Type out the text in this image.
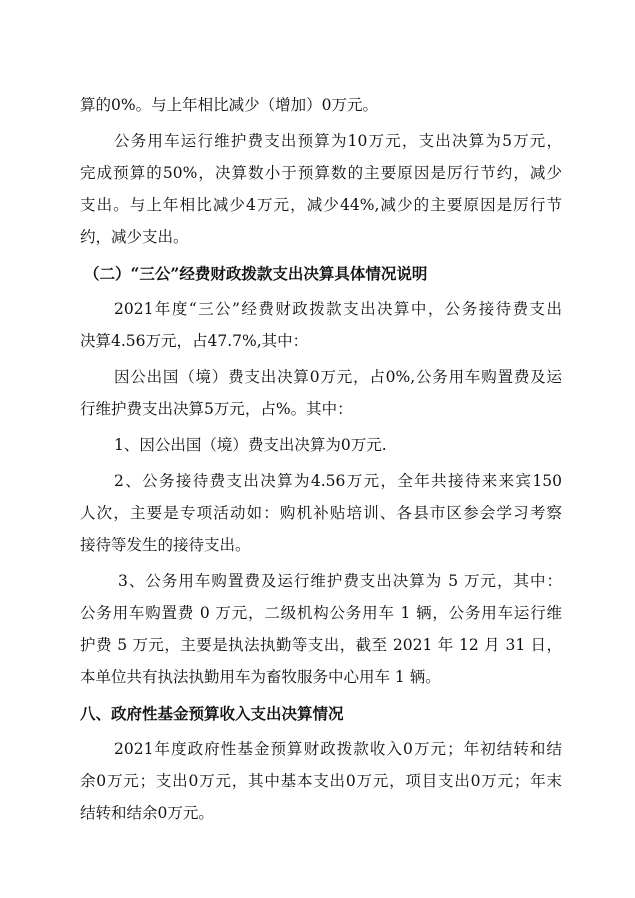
算的0%。与上年相比减少（增加）0万元。
公务用车运行维护费支出预算为10万元，支出决算为5万元，
完成预算的50%，决算数小于预算数的主要原因是厉行节约，减少
支出。与上年相比减少4万元，减少44%,减少的主要原因是厉行节
约，减少支出。
（二）“三公”经费财政拨款支出决算具体情况说明
2021年度“三公”经费财政拨款支出决算中，公务接待费支出
决算4.56万元，占47.7%,其中：
因公出国（境）费支出决算0万元，占0%,公务用车购置费及运
行维护费支出决算5万元，占%。其中：
1、因公出国（境）费支出决算为0万元.
2、公务接待费支出决算为4.56万元，全年共接待来来宾150
人次，主要是专项活动如：购机补贴培训、各县市区参会学习考察
接待等发生的接待支出。
3、公务用车购置费及运行维护费支出决算为 5 万元，其中：
公务用车购置费 0 万元，二级机构公务用车 1 辆，公务用车运行维
护费 5 万元，主要是执法执勤等支出，截至 2021 年 12 月 31 日，
本单位共有执法执勤用车为畜牧服务中心用车 1 辆。
八、政府性基金预算收入支出决算情况
2021年度政府性基金预算财政拨款收入0万元；年初结转和结
余0万元；支出0万元，其中基本支出0万元，项目支出0万元；年末
结转和结余0万元。
